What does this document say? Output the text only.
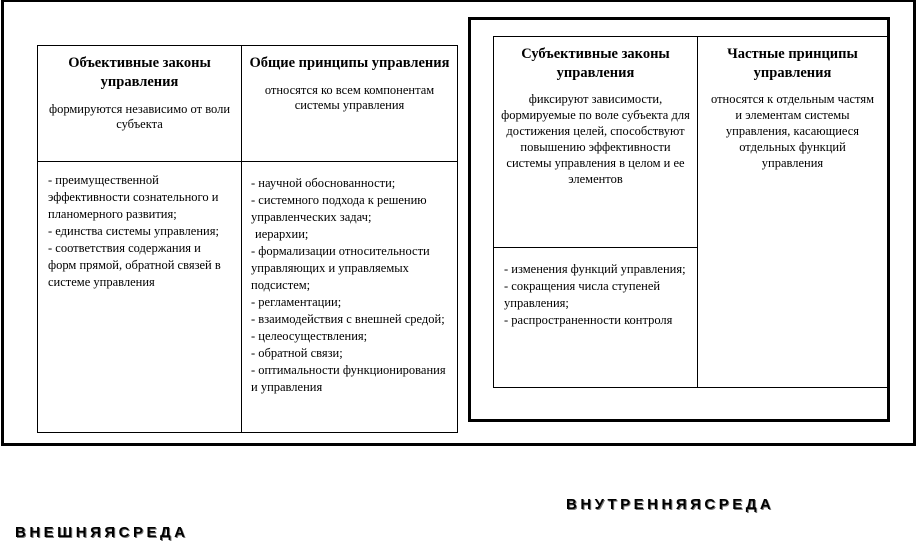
Объективные законы управления
формируются независимо от воли субъекта
Общие принципы управления
относятся ко всем компонентам системы управления
- преимущественной эффективности сознательного и планомерного развития;
- единства системы управления;
- соответствия содержания и форм прямой, обратной связей в системе управления
- научной обоснованности;
- системного подхода к решению управленческих задач;
иерархии;
- формализации относительности управляющих и управляемых подсистем;
- регламентации;
- взаимодействия с внешней средой;
- целеосуществления;
- обратной связи;
- оптимальности функционирования и управления
Субъективные законы управления
фиксируют зависимости, формируемые по воле субъекта для достижения целей, способствуют повышению эффективности системы управления в целом и ее элементов
Частные принципы управления
относятся к отдельным частям и элементам системы управления, касающиеся отдельных функций управления
- изменения функций управления;
- сокращения числа ступеней управления;
- распространенности контроля
ВНУТРЕННЯЯСРЕДА
ВНЕШНЯЯСРЕДА
